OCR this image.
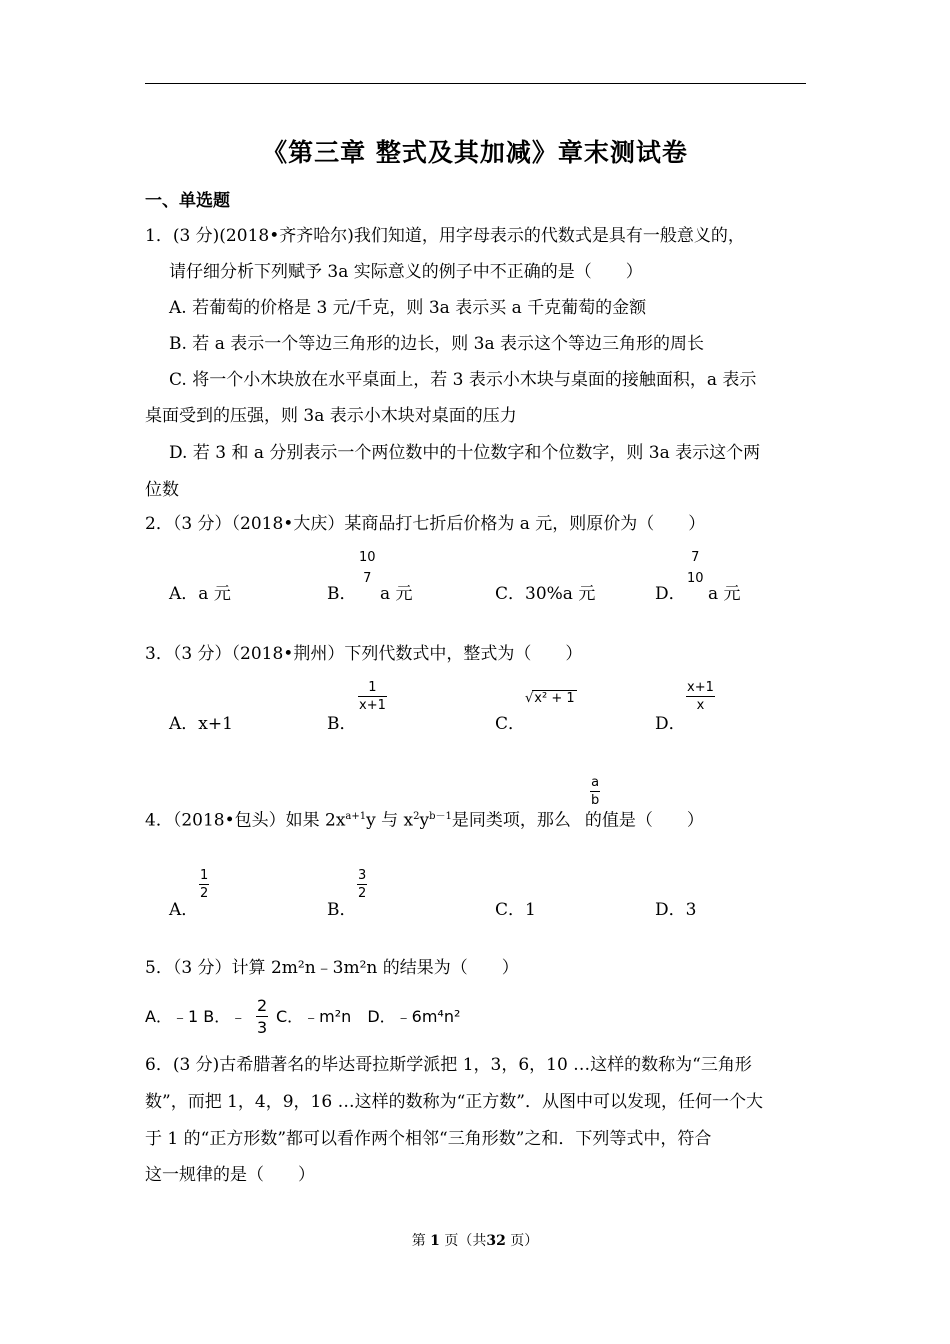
《第三章 整式及其加减》章末测试卷
一、单选题
1．(3 分)(2018•齐齐哈尔)我们知道，用字母表示的代数式是具有一般意义的，
请仔细分析下列赋予 3a 实际意义的例子中不正确的是（　　）
A. 若葡萄的价格是 3 元/千克，则 3a 表示买 a 千克葡萄的金额
B. 若 a 表示一个等边三角形的边长，则 3a 表示这个等边三角形的周长
C. 将一个小木块放在水平桌面上，若 3 表示小木块与桌面的接触面积，a 表示
桌面受到的压强，则 3a 表示小木块对桌面的压力
D. 若 3 和 a 分别表示一个两位数中的十位数字和个位数字，则 3a 表示这个两
位数
2．（3 分）（2018•大庆）某商品打七折后价格为 a 元，则原价为（　　）
A．a 元	B．
10
7
a 元	C．30%a 元	D．
7
10
a 元
3．（3 分）（2018•荆州）下列代数式中，整式为（　　）
A．x+1	B．
1
x+1
C．
√x² + 1
D．
x+1
x
4．（2018•包头）如果 $2x^{a+1}y$ 与 $x^2y^{b-1}$是同类项，那么 的值是（　　）
a
b
A．
1
2
B．
3
2
C．1	D．3
5．（3 分）计算 2m²n﹣3m²n 的结果为（　　）
A．﹣1 B．﹣
2
3
C．﹣m²n　D．﹣6m⁴n²
6．(3 分)古希腊著名的毕达哥拉斯学派把 1，3，6，10 …这样的数称为“三角形
数”，而把 1，4，9，16 …这样的数称为“正方数”．从图中可以发现，任何一个大
于 1 的“正方形数”都可以看作两个相邻“三角形数”之和．下列等式中，符合
这一规律的是（　　）
第 1 页（共32 页）
